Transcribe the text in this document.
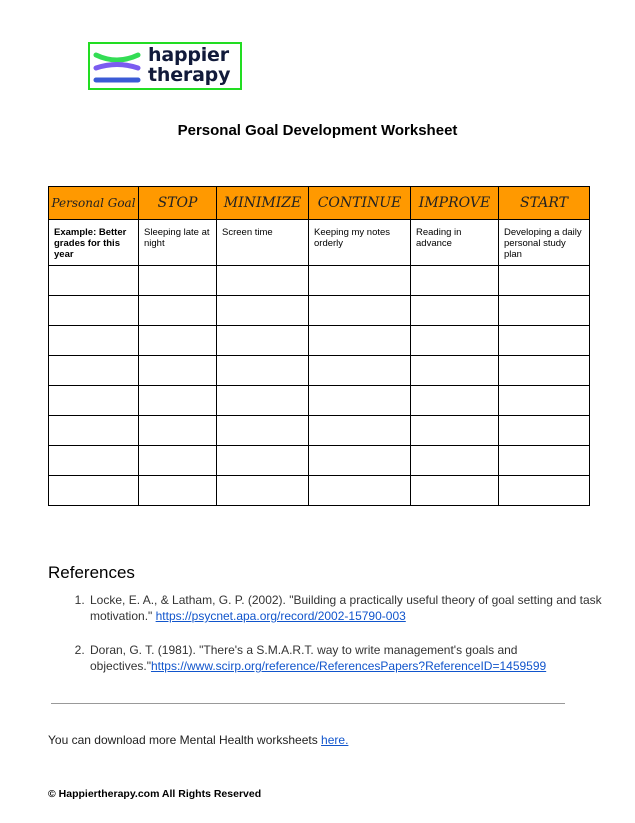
happier
therapy
Personal Goal Development Worksheet
Personal Goal	STOP	MINIMIZE	CONTINUE	IMPROVE	START
Example: Better grades for this year	Sleeping late at night	Screen time	Keeping my notes orderly	Reading in advance	Developing a daily personal study plan

References
1. Locke, E. A., & Latham, G. P. (2002). "Building a practically useful theory of goal setting and task motivation." https://psycnet.apa.org/record/2002-15790-003
2. Doran, G. T. (1981). "There's a S.M.A.R.T. way to write management's goals and objectives."https://www.scirp.org/reference/ReferencesPapers?ReferenceID=1459599
You can download more Mental Health worksheets here.
© Happiertherapy.com All Rights Reserved
